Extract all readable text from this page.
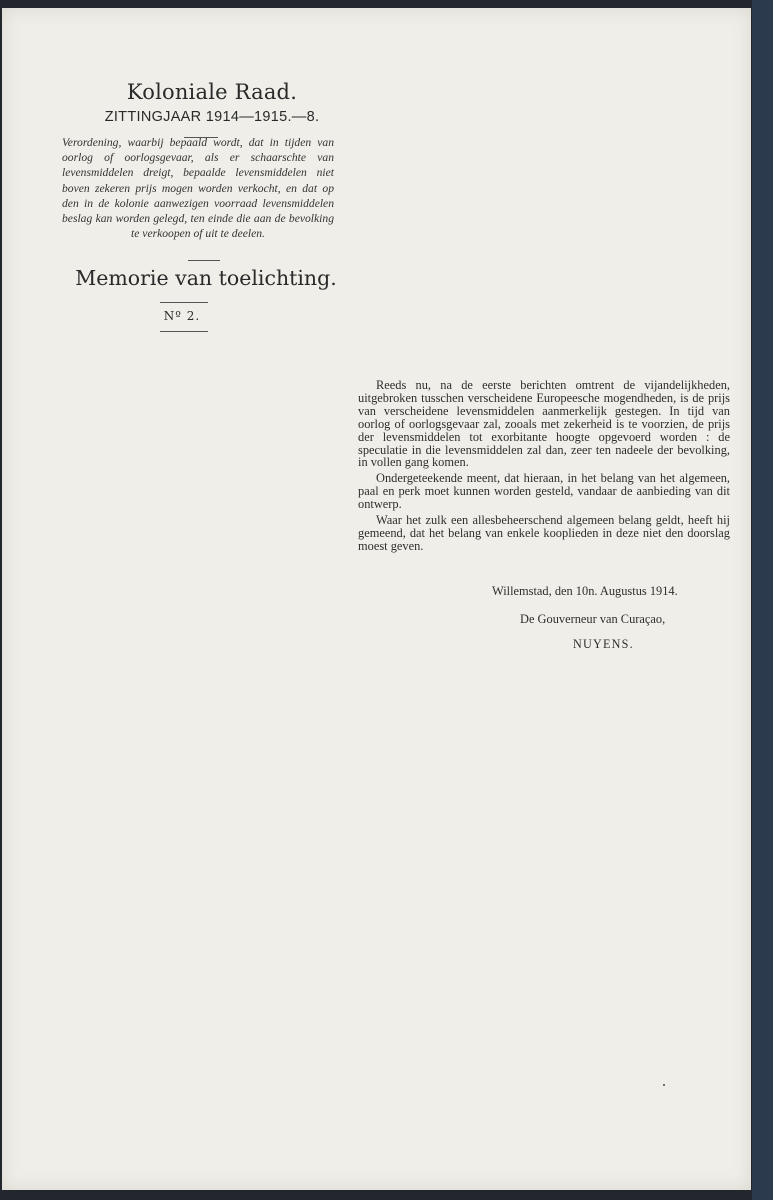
Koloniale Raad.
ZITTINGJAAR 1914—1915.—8.
Verordening, waarbij bepaald wordt, dat in tijden van oorlog of oorlogsgevaar, als er schaarschte van levensmiddelen dreigt, bepaalde levensmiddelen niet boven zekeren prijs mogen worden verkocht, en dat op den in de kolonie aanwezigen voorraad levensmiddelen beslag kan worden gelegd, ten einde die aan de bevolking te verkoopen of uit te deelen.
Memorie van toelichting.
Nº 2.

Reeds nu, na de eerste berichten omtrent de vijandelijkheden, uitgebroken tusschen verscheidene Europeesche mogendheden, is de prijs van verscheidene levensmiddelen aanmerkelijk gestegen. In tijd van oorlog of oorlogsgevaar zal, zooals met zekerheid is te voorzien, de prijs der levensmiddelen tot exorbitante hoogte opgevoerd worden : de speculatie in die levensmiddelen zal dan, zeer ten nadeele der bevolking, in vollen gang komen.

Ondergeteekende meent, dat hieraan, in het belang van het algemeen, paal en perk moet kunnen worden gesteld, vandaar de aanbieding van dit ontwerp.

Waar het zulk een allesbeheerschend algemeen belang geldt, heeft hij gemeend, dat het belang van enkele kooplieden in deze niet den doorslag moest geven.

Willemstad, den 10n. Augustus 1914.
De Gouverneur van Curaçao,
NUYENS.
